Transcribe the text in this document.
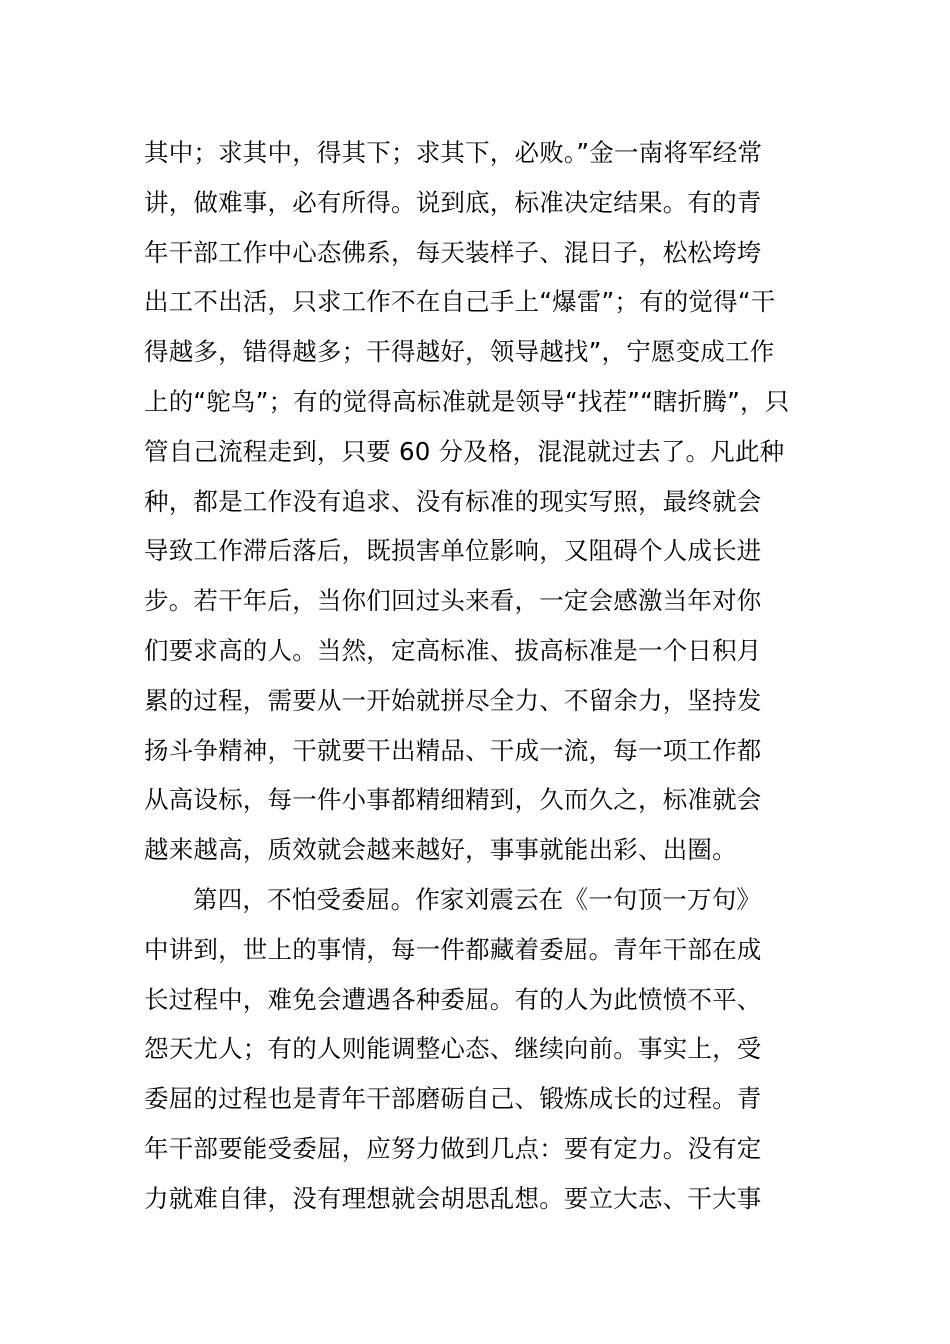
其中；求其中，得其下；求其下，必败。”金一南将军经常
讲，做难事，必有所得。说到底，标准决定结果。有的青
年干部工作中心态佛系，每天装样子、混日子，松松垮垮
出工不出活，只求工作不在自己手上“爆雷”；有的觉得“干
得越多，错得越多；干得越好，领导越找”，宁愿变成工作
上的“鸵鸟”；有的觉得高标准就是领导“找茬”“瞎折腾”，只
管自己流程走到，只要 60 分及格，混混就过去了。凡此种
种，都是工作没有追求、没有标准的现实写照，最终就会
导致工作滞后落后，既损害单位影响，又阻碍个人成长进
步。若干年后，当你们回过头来看，一定会感激当年对你
们要求高的人。当然，定高标准、拔高标准是一个日积月
累的过程，需要从一开始就拼尽全力、不留余力，坚持发
扬斗争精神，干就要干出精品、干成一流，每一项工作都
从高设标，每一件小事都精细精到，久而久之，标准就会
越来越高，质效就会越来越好，事事就能出彩、出圈。
第四，不怕受委屈。作家刘震云在《一句顶一万句》
中讲到，世上的事情，每一件都藏着委屈。青年干部在成
长过程中，难免会遭遇各种委屈。有的人为此愤愤不平、
怨天尤人；有的人则能调整心态、继续向前。事实上，受
委屈的过程也是青年干部磨砺自己、锻炼成长的过程。青
年干部要能受委屈，应努力做到几点：要有定力。没有定
力就难自律，没有理想就会胡思乱想。要立大志、干大事
